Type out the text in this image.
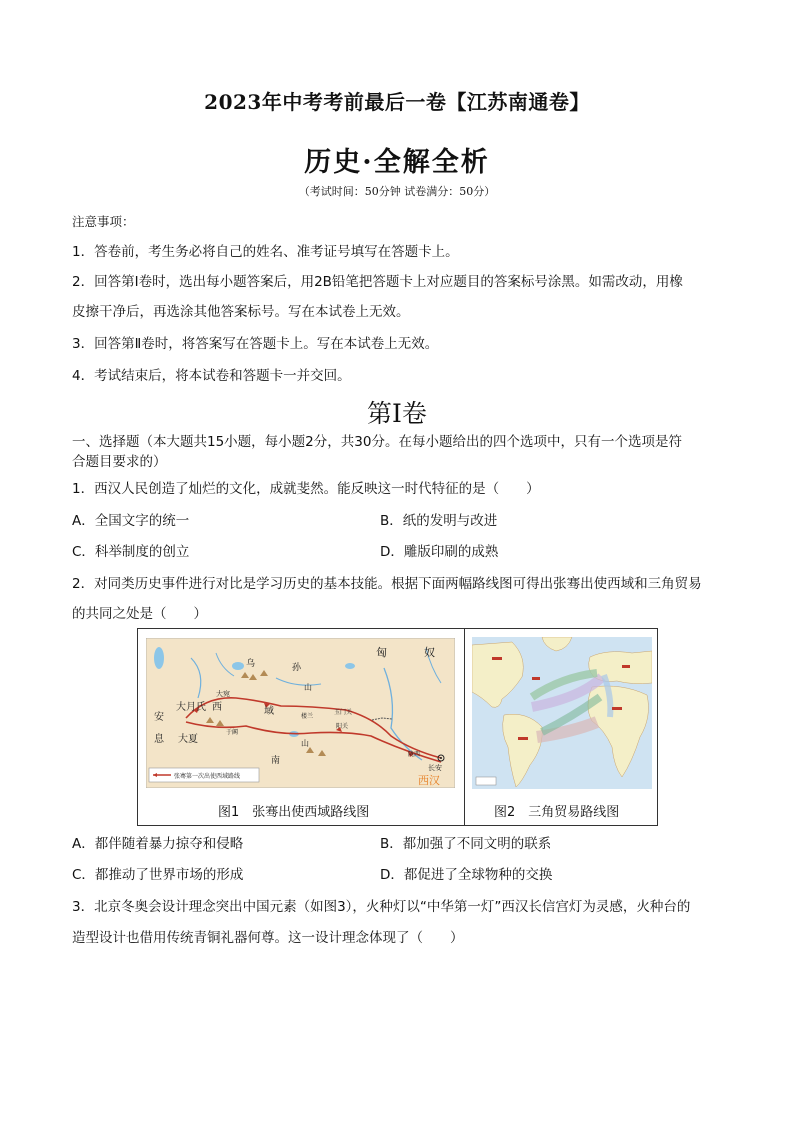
2023年中考考前最后一卷【江苏南通卷】
历史·全解全析
（考试时间：50分钟 试卷满分：50分）
注意事项：
1．答卷前，考生务必将自己的姓名、准考证号填写在答题卡上。
2．回答第Ⅰ卷时，选出每小题答案后，用2B铅笔把答题卡上对应题目的答案标号涂黑。如需改动，用橡
皮擦干净后，再选涂其他答案标号。写在本试卷上无效。
3．回答第Ⅱ卷时，将答案写在答题卡上。写在本试卷上无效。
4．考试结束后，将本试卷和答题卡一并交回。
第Ⅰ卷
一、选择题（本大题共15小题，每小题2分，共30分。在每小题给出的四个选项中，只有一个选项是符
合题目要求的）
1．西汉人民创造了灿烂的文化，成就斐然。能反映这一时代特征的是（　　）
A．全国文字的统一	B．纸的发明与改进
C．科举制度的创立	D．雕版印刷的成熟
2．对同类历史事件进行对比是学习历史的基本技能。根据下面两幅路线图可得出张骞出使西域和三角贸易
的共同之处是（　　）
匈	奴
乌	孙
山
大宛
大月氏 西	域
安
息 大夏
南
山
玉门关
阳关
楼兰
于阗
陇西
长安
西汉
张骞第一次出使西域路线
图1　张骞出使西域路线图	图2　三角贸易路线图
A．都伴随着暴力掠夺和侵略	B．都加强了不同文明的联系
C．都推动了世界市场的形成	D．都促进了全球物种的交换
3．北京冬奥会设计理念突出中国元素（如图3），火种灯以“中华第一灯”西汉长信宫灯为灵感，火种台的
造型设计也借用传统青铜礼器何尊。这一设计理念体现了（　　）
